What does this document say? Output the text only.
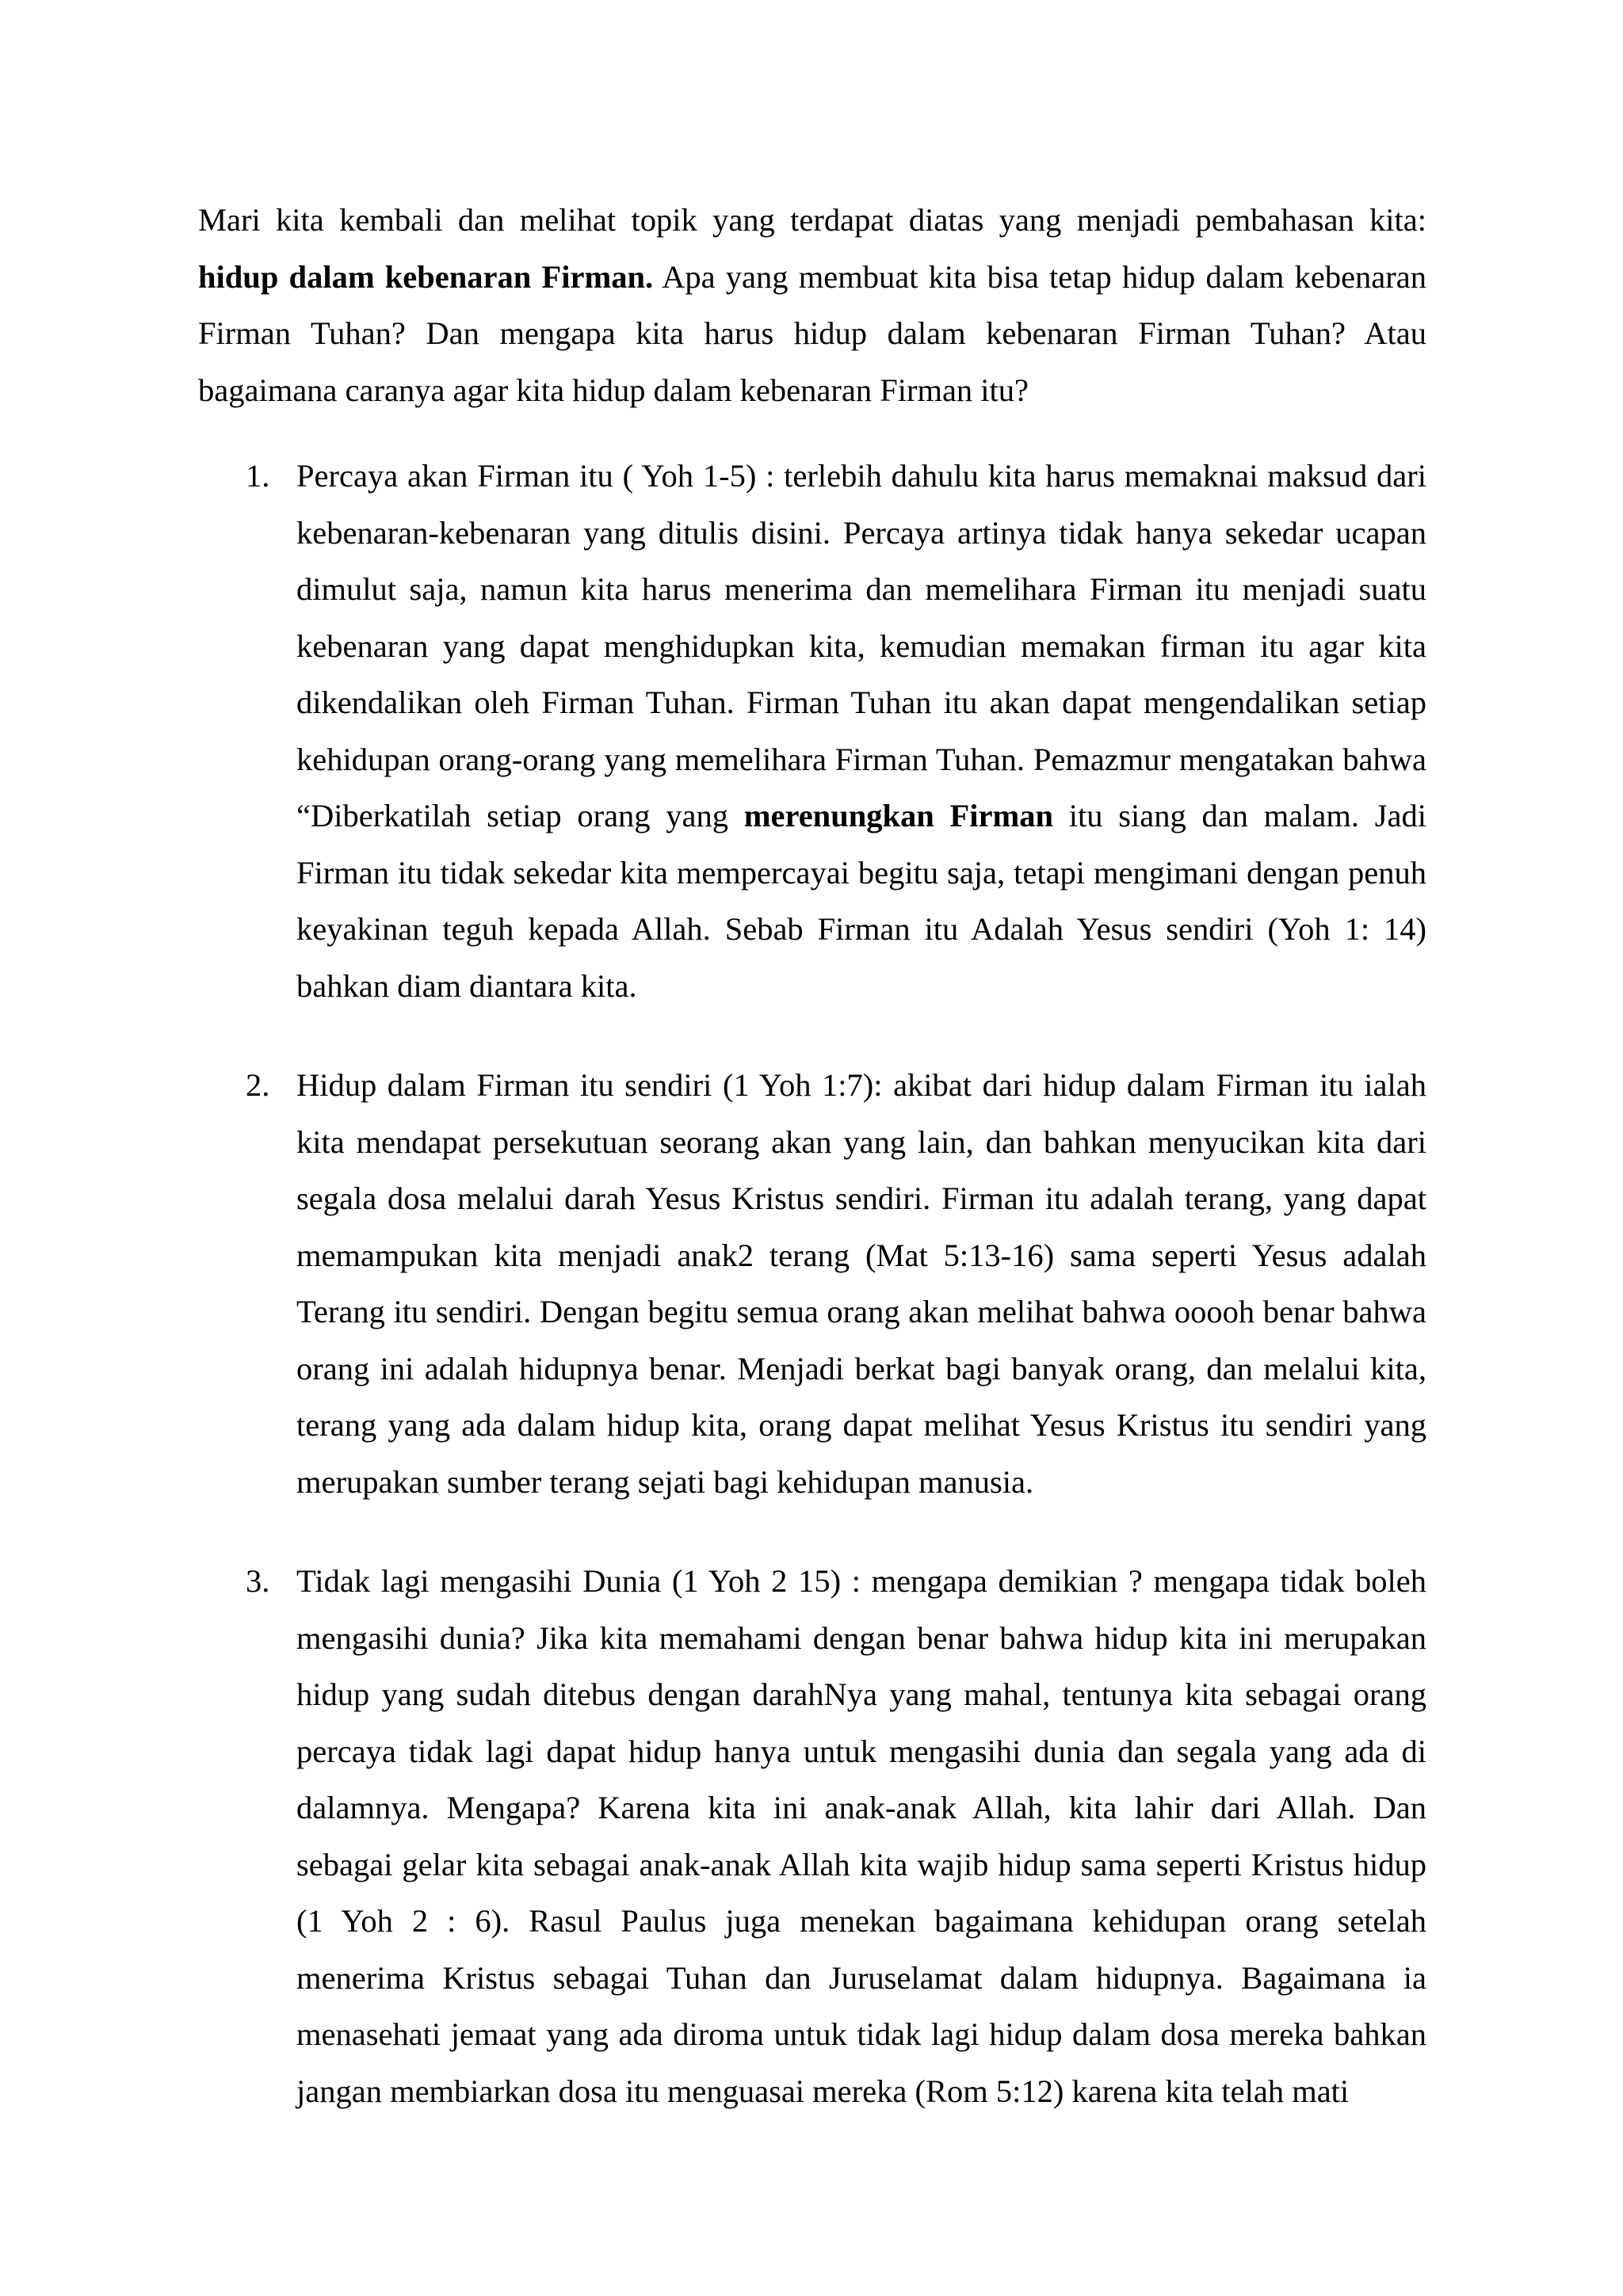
Mari kita kembali dan melihat topik yang terdapat diatas yang menjadi pembahasan kita: hidup dalam kebenaran Firman. Apa yang membuat kita bisa tetap hidup dalam kebenaran Firman Tuhan? Dan mengapa kita harus hidup dalam kebenaran Firman Tuhan? Atau bagaimana caranya agar kita hidup dalam kebenaran Firman itu?

1. Percaya akan Firman itu ( Yoh 1-5) : terlebih dahulu kita harus memaknai maksud dari kebenaran-kebenaran yang ditulis disini. Percaya artinya tidak hanya sekedar ucapan dimulut saja, namun kita harus menerima dan memelihara Firman itu menjadi suatu kebenaran yang dapat menghidupkan kita, kemudian memakan firman itu agar kita dikendalikan oleh Firman Tuhan. Firman Tuhan itu akan dapat mengendalikan setiap kehidupan orang-orang yang memelihara Firman Tuhan. Pemazmur mengatakan bahwa “Diberkatilah setiap orang yang merenungkan Firman itu siang dan malam. Jadi Firman itu tidak sekedar kita mempercayai begitu saja, tetapi mengimani dengan penuh keyakinan teguh kepada Allah. Sebab Firman itu Adalah Yesus sendiri (Yoh 1: 14) bahkan diam diantara kita.

2. Hidup dalam Firman itu sendiri (1 Yoh 1:7): akibat dari hidup dalam Firman itu ialah kita mendapat persekutuan seorang akan yang lain, dan bahkan menyucikan kita dari segala dosa melalui darah Yesus Kristus sendiri. Firman itu adalah terang, yang dapat memampukan kita menjadi anak2 terang (Mat 5:13-16) sama seperti Yesus adalah Terang itu sendiri. Dengan begitu semua orang akan melihat bahwa ooooh benar bahwa orang ini adalah hidupnya benar. Menjadi berkat bagi banyak orang, dan melalui kita, terang yang ada dalam hidup kita, orang dapat melihat Yesus Kristus itu sendiri yang merupakan sumber terang sejati bagi kehidupan manusia.

3. Tidak lagi mengasihi Dunia (1 Yoh 2 15) : mengapa demikian ? mengapa tidak boleh mengasihi dunia? Jika kita memahami dengan benar bahwa hidup kita ini merupakan hidup yang sudah ditebus dengan darahNya yang mahal, tentunya kita sebagai orang percaya tidak lagi dapat hidup hanya untuk mengasihi dunia dan segala yang ada di dalamnya. Mengapa? Karena kita ini anak-anak Allah, kita lahir dari Allah. Dan sebagai gelar kita sebagai anak-anak Allah kita wajib hidup sama seperti Kristus hidup (1 Yoh 2 : 6). Rasul Paulus juga menekan bagaimana kehidupan orang setelah menerima Kristus sebagai Tuhan dan Juruselamat dalam hidupnya. Bagaimana ia menasehati jemaat yang ada diroma untuk tidak lagi hidup dalam dosa mereka bahkan jangan membiarkan dosa itu menguasai mereka (Rom 5:12) karena kita telah mati
